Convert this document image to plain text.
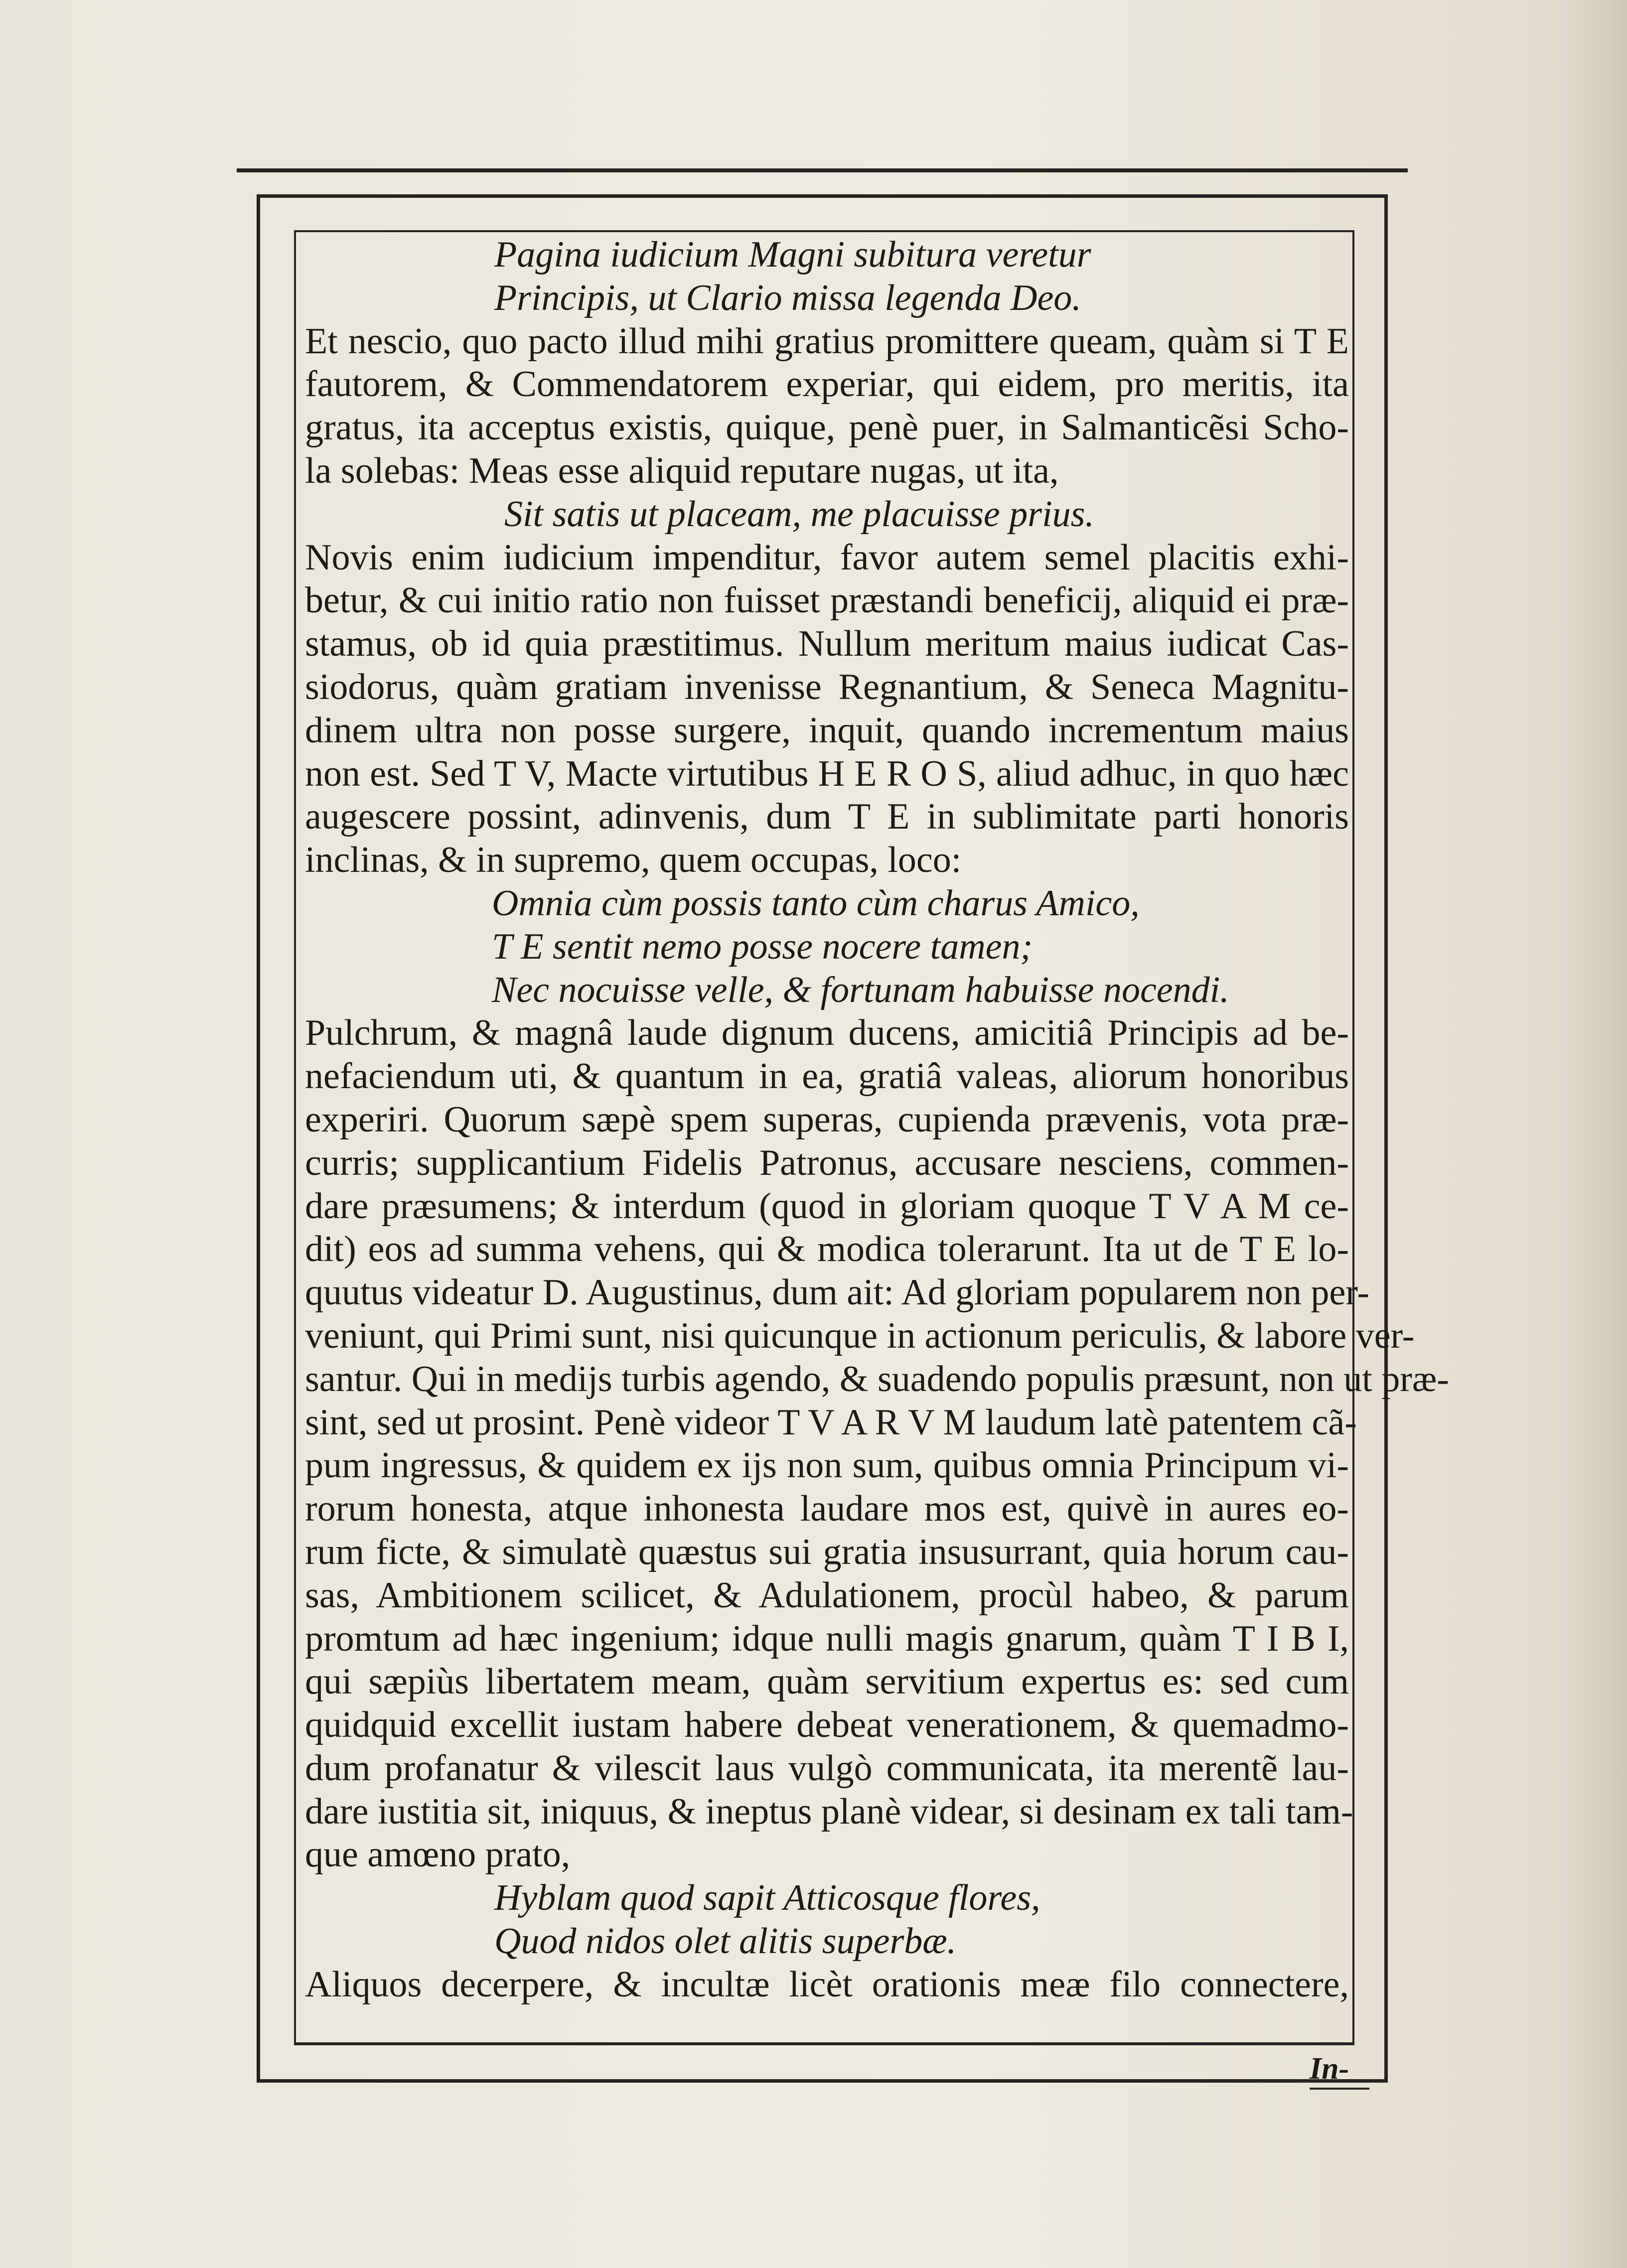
Pagina iudicium Magni subitura veretur
Principis, ut Clario missa legenda Deo.
Et nescio, quo pacto illud mihi gratius promittere queam, quàm si T E
fautorem, & Commendatorem experiar, qui eidem, pro meritis, ita
gratus, ita acceptus existis, quique, penè puer, in Salmanticẽsi Scho-
la solebas: Meas esse aliquid reputare nugas, ut ita,
Sit satis ut placeam, me placuisse prius.
Novis enim iudicium impenditur, favor autem semel placitis exhi-
betur, & cui initio ratio non fuisset præstandi beneficij, aliquid ei præ-
stamus, ob id quia præstitimus. Nullum meritum maius iudicat Cas-
siodorus, quàm gratiam invenisse Regnantium, & Seneca Magnitu-
dinem ultra non posse surgere, inquit, quando incrementum maius
non est. Sed T V, Macte virtutibus H E R O S, aliud adhuc, in quo hæc
augescere possint, adinvenis, dum T E in sublimitate parti honoris
inclinas, & in supremo, quem occupas, loco:
Omnia cùm possis tanto cùm charus Amico,
T E sentit nemo posse nocere tamen;
Nec nocuisse velle, & fortunam habuisse nocendi.
Pulchrum, & magnâ laude dignum ducens, amicitiâ Principis ad be-
nefaciendum uti, & quantum in ea, gratiâ valeas, aliorum honoribus
experiri. Quorum sæpè spem superas, cupienda prævenis, vota præ-
curris; supplicantium Fidelis Patronus, accusare nesciens, commen-
dare præsumens; & interdum (quod in gloriam quoque T V A M ce-
dit) eos ad summa vehens, qui & modica tolerarunt. Ita ut de T E lo-
quutus videatur D. Augustinus, dum ait: Ad gloriam popularem non per-
veniunt, qui Primi sunt, nisi quicunque in actionum periculis, & labore ver-
santur. Qui in medijs turbis agendo, & suadendo populis præsunt, non ut præ-
sint, sed ut prosint. Penè videor T V A R V M laudum latè patentem cã-
pum ingressus, & quidem ex ijs non sum, quibus omnia Principum vi-
rorum honesta, atque inhonesta laudare mos est, quivè in aures eo-
rum ficte, & simulatè quæstus sui gratia insusurrant, quia horum cau-
sas, Ambitionem scilicet, & Adulationem, procùl habeo, & parum
promtum ad hæc ingenium; idque nulli magis gnarum, quàm T I B I,
qui sæpiùs libertatem meam, quàm servitium expertus es: sed cum
quidquid excellit iustam habere debeat venerationem, & quemadmo-
dum profanatur & vilescit laus vulgò communicata, ita merentẽ lau-
dare iustitia sit, iniquus, & ineptus planè videar, si desinam ex tali tam-
que amœno prato,
Hyblam quod sapit Atticosque flores,
Quod nidos olet alitis superbæ.
Aliquos decerpere, & incultæ licèt orationis meæ filo connectere,
In-
